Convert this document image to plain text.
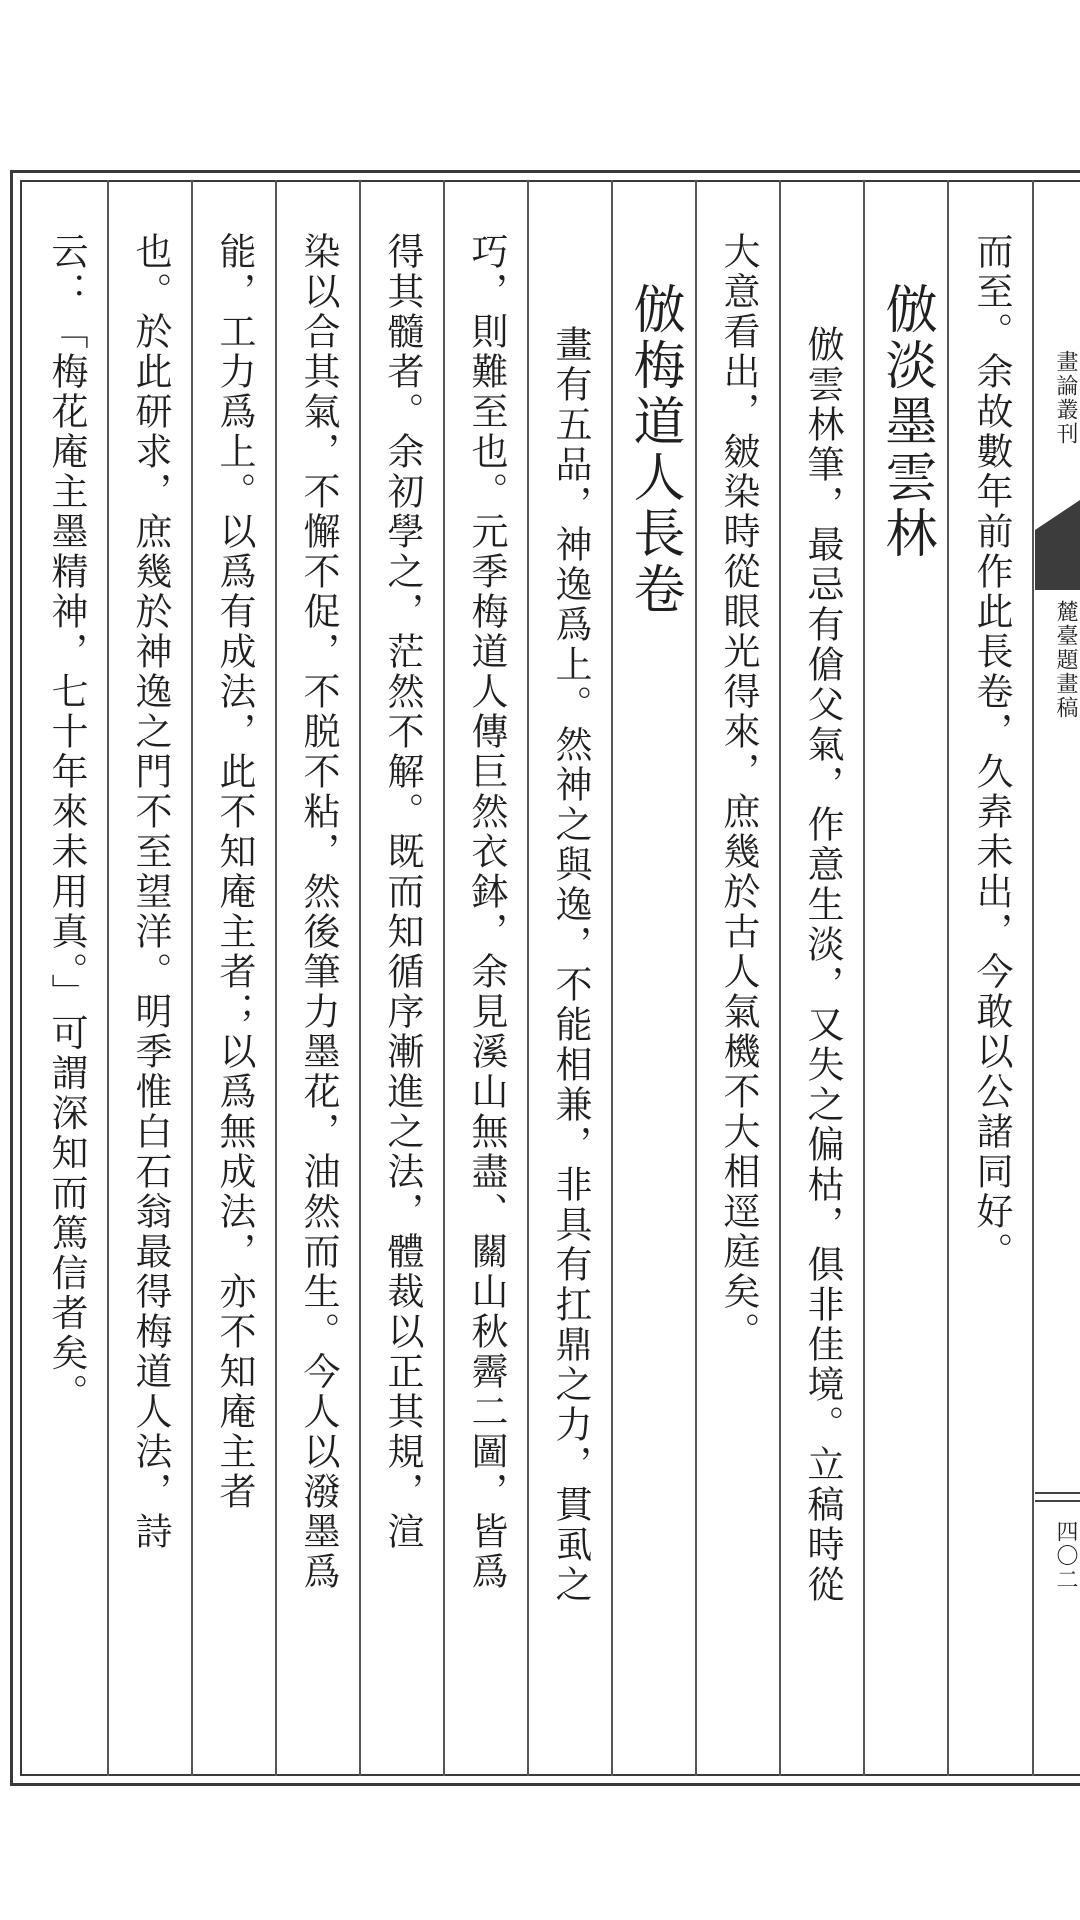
畫論叢刊
麓臺題畫稿
四〇二
而至。余故數年前作此長卷，久弆未出，今敢以公諸同好。
倣淡墨雲林
倣雲林筆，最忌有傖父氣，作意生淡，又失之偏枯，俱非佳境。立稿時從
大意看出，皴染時從眼光得來，庶幾於古人氣機不大相逕庭矣。
倣梅道人長卷
畫有五品，神逸爲上。然神之與逸，不能相兼，非具有扛鼎之力，貫虱之
巧，則難至也。元季梅道人傳巨然衣鉢，余見溪山無盡、關山秋霽二圖，皆爲
得其髓者。余初學之，茫然不解。既而知循序漸進之法，體裁以正其規，渲
染以合其氣，不懈不促，不脱不粘，然後筆力墨花，油然而生。今人以潑墨爲
能，工力爲上。以爲有成法，此不知庵主者；以爲無成法，亦不知庵主者
也。於此研求，庶幾於神逸之門不至望洋。明季惟白石翁最得梅道人法，詩
云：「梅花庵主墨精神，七十年來未用真。」可謂深知而篤信者矣。
